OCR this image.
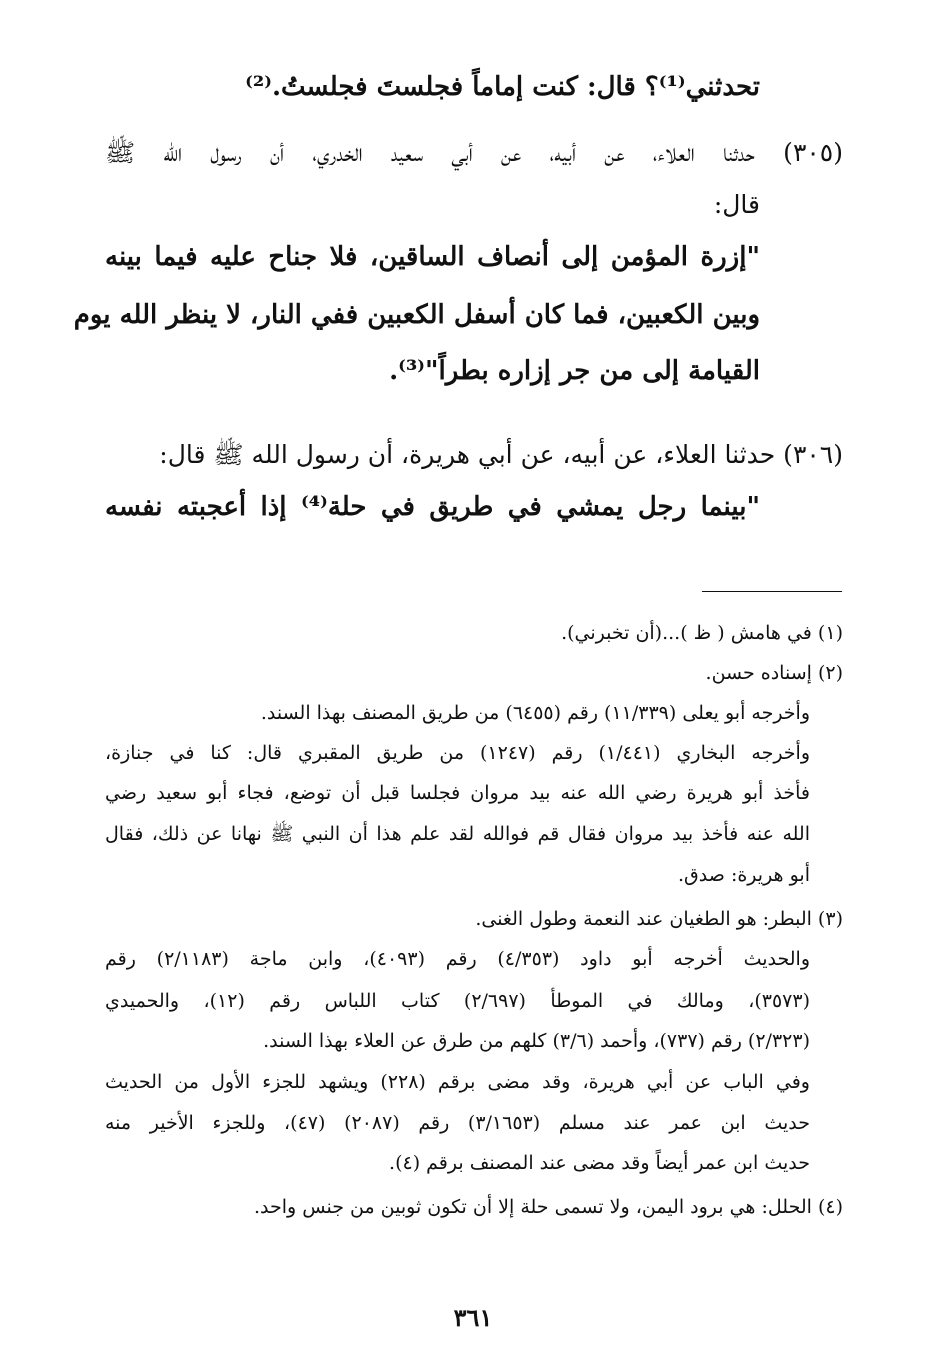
تحدثني⁽¹⁾؟ قال: كنت إماماً فجلستَ فجلستُ.⁽²⁾
(٣٠٥) حدثنا العلاء، عن أبيه، عن أبي سعيد الخدري، أن رسول الله ﷺ
قال:
"إزرة المؤمن إلى أنصاف الساقين، فلا جناح عليه فيما بينه
وبين الكعبين، فما كان أسفل الكعبين ففي النار، لا ينظر الله يوم
القيامة إلى من جر إزاره بطراً"⁽³⁾.
(٣٠٦) حدثنا العلاء، عن أبيه، عن أبي هريرة، أن رسول الله ﷺ قال:
"بينما رجل يمشي في طريق في حلة⁽⁴⁾ إذا أعجبته نفسه
(١) في هامش ( ظ )...(أن تخبرني).
(٢) إسناده حسن.
وأخرجه أبو يعلى (١١/٣٣٩) رقم (٦٤٥٥) من طريق المصنف بهذا السند.
وأخرجه البخاري (١/٤٤١) رقم (١٢٤٧) من طريق المقبري قال: كنا في جنازة،
فأخذ أبو هريرة رضي الله عنه بيد مروان فجلسا قبل أن توضع، فجاء أبو سعيد رضي
الله عنه فأخذ بيد مروان فقال قم فوالله لقد علم هذا أن النبي ﷺ نهانا عن ذلك، فقال
أبو هريرة: صدق.
(٣) البطر: هو الطغيان عند النعمة وطول الغنى.
والحديث أخرجه أبو داود (٤/٣٥٣) رقم (٤٠٩٣)، وابن ماجة (٢/١١٨٣) رقم
(٣٥٧٣)، ومالك في الموطأ (٢/٦٩٧) كتاب اللباس رقم (١٢)، والحميدي
(٢/٣٢٣) رقم (٧٣٧)، وأحمد (٣/٦) كلهم من طرق عن العلاء بهذا السند.
وفي الباب عن أبي هريرة، وقد مضى برقم (٢٢٨) ويشهد للجزء الأول من الحديث
حديث ابن عمر عند مسلم (٣/١٦٥٣) رقم (٢٠٨٧) (٤٧)، وللجزء الأخير منه
حديث ابن عمر أيضاً وقد مضى عند المصنف برقم (٤).
(٤) الحلل: هي برود اليمن، ولا تسمى حلة إلا أن تكون ثوبين من جنس واحد.
٣٦١
